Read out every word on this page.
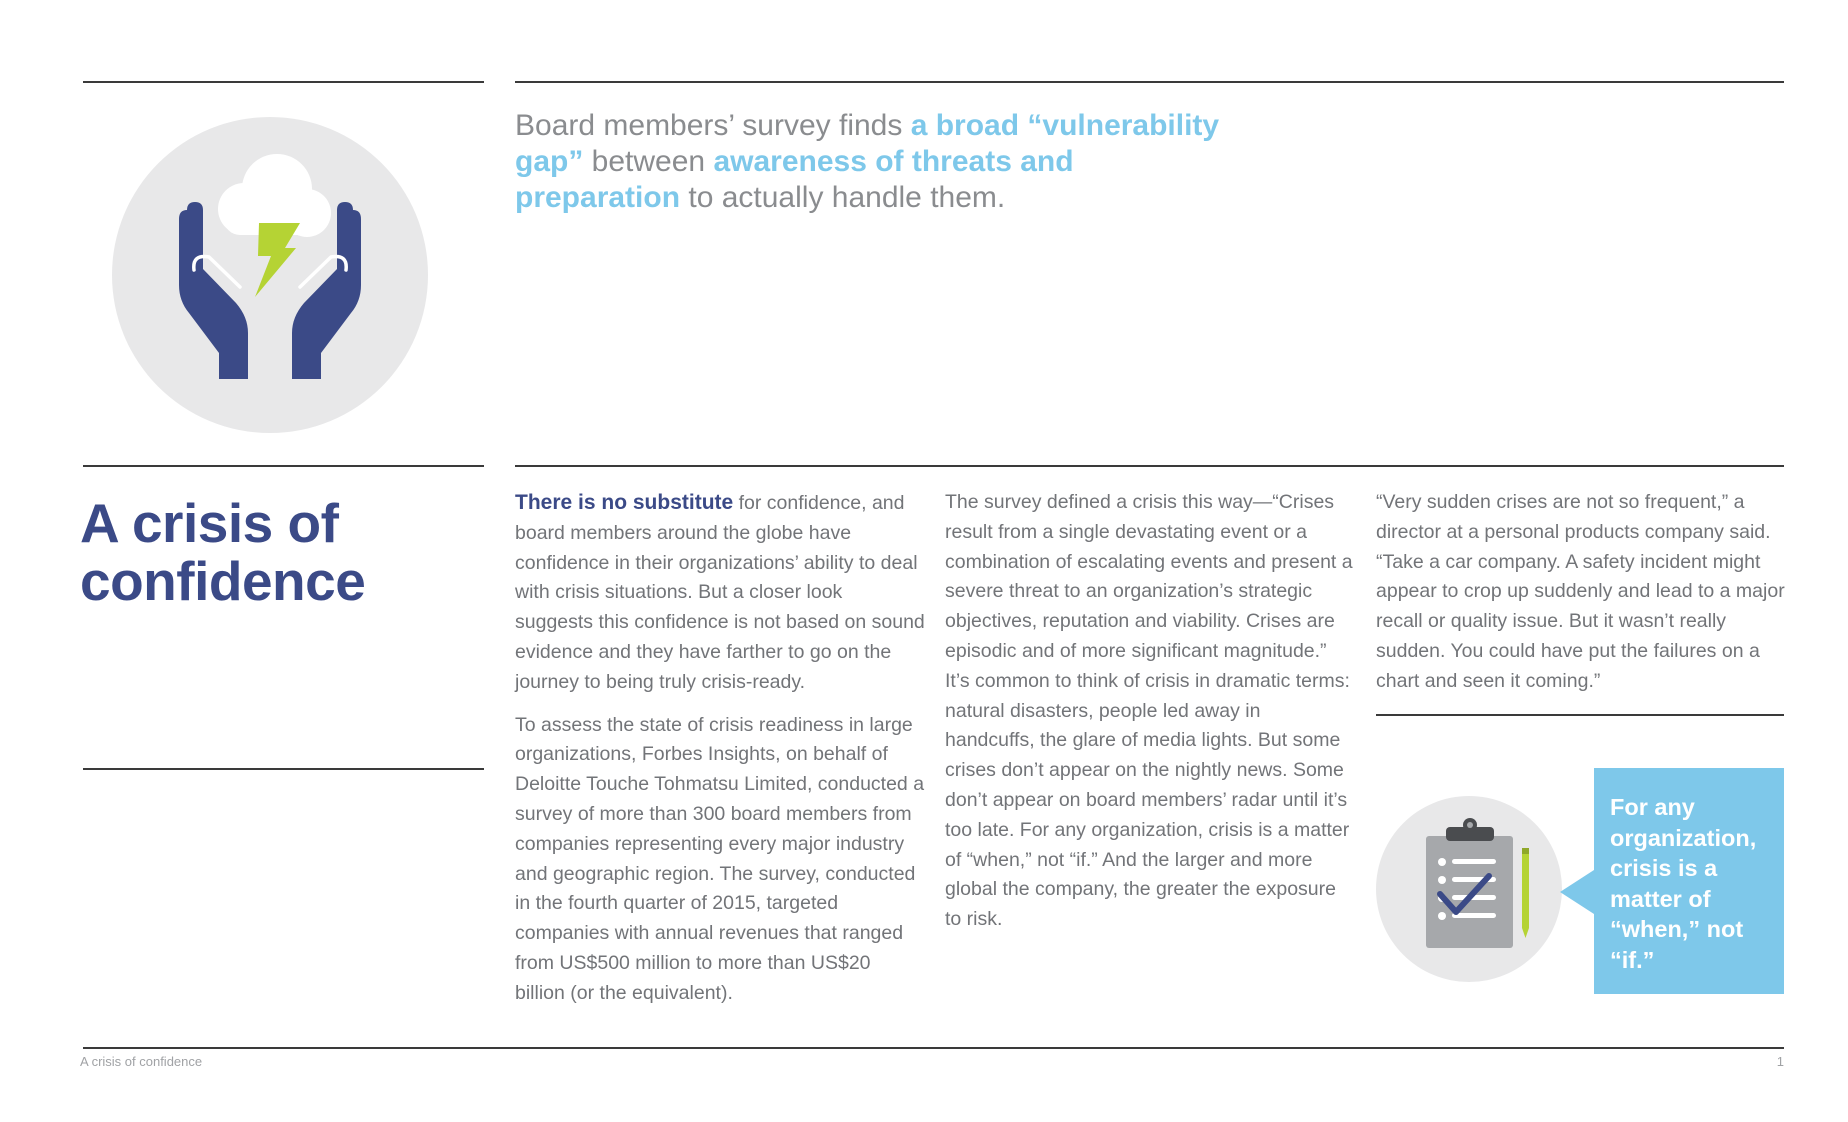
Board members’ survey finds a broad “vulnerability gap” between awareness of threats and preparation to actually handle them.
A crisis of
confidence

There is no substitute for confidence, and board members around the globe have confidence in their organizations’ ability to deal with crisis situations. But a closer look suggests this confidence is not based on sound evidence and they have farther to go on the journey to being truly crisis-ready.

To assess the state of crisis readiness in large organizations, Forbes Insights, on behalf of Deloitte Touche Tohmatsu Limited, conducted a survey of more than 300 board members from companies representing every major industry and geographic region. The survey, conducted in the fourth quarter of 2015, targeted companies with annual revenues that ranged from US$500 million to more than US$20 billion (or the equivalent).

The survey defined a crisis this way—“Crises result from a single devastating event or a combination of escalating events and present a severe threat to an organization’s strategic objectives, reputation and viability. Crises are episodic and of more significant magnitude.” It’s common to think of crisis in dramatic terms: natural disasters, people led away in handcuffs, the glare of media lights. But some crises don’t appear on the nightly news. Some don’t appear on board members’ radar until it’s too late. For any organization, crisis is a matter of “when,” not “if.” And the larger and more global the company, the greater the exposure to risk.

“Very sudden crises are not so frequent,” a director at a personal products company said. “Take a car company. A safety incident might appear to crop up suddenly and lead to a major recall or quality issue. But it wasn’t really sudden. You could have put the failures on a chart and seen it coming.”

For any organization, crisis is a matter of “when,” not “if.”
A crisis of confidence	1
